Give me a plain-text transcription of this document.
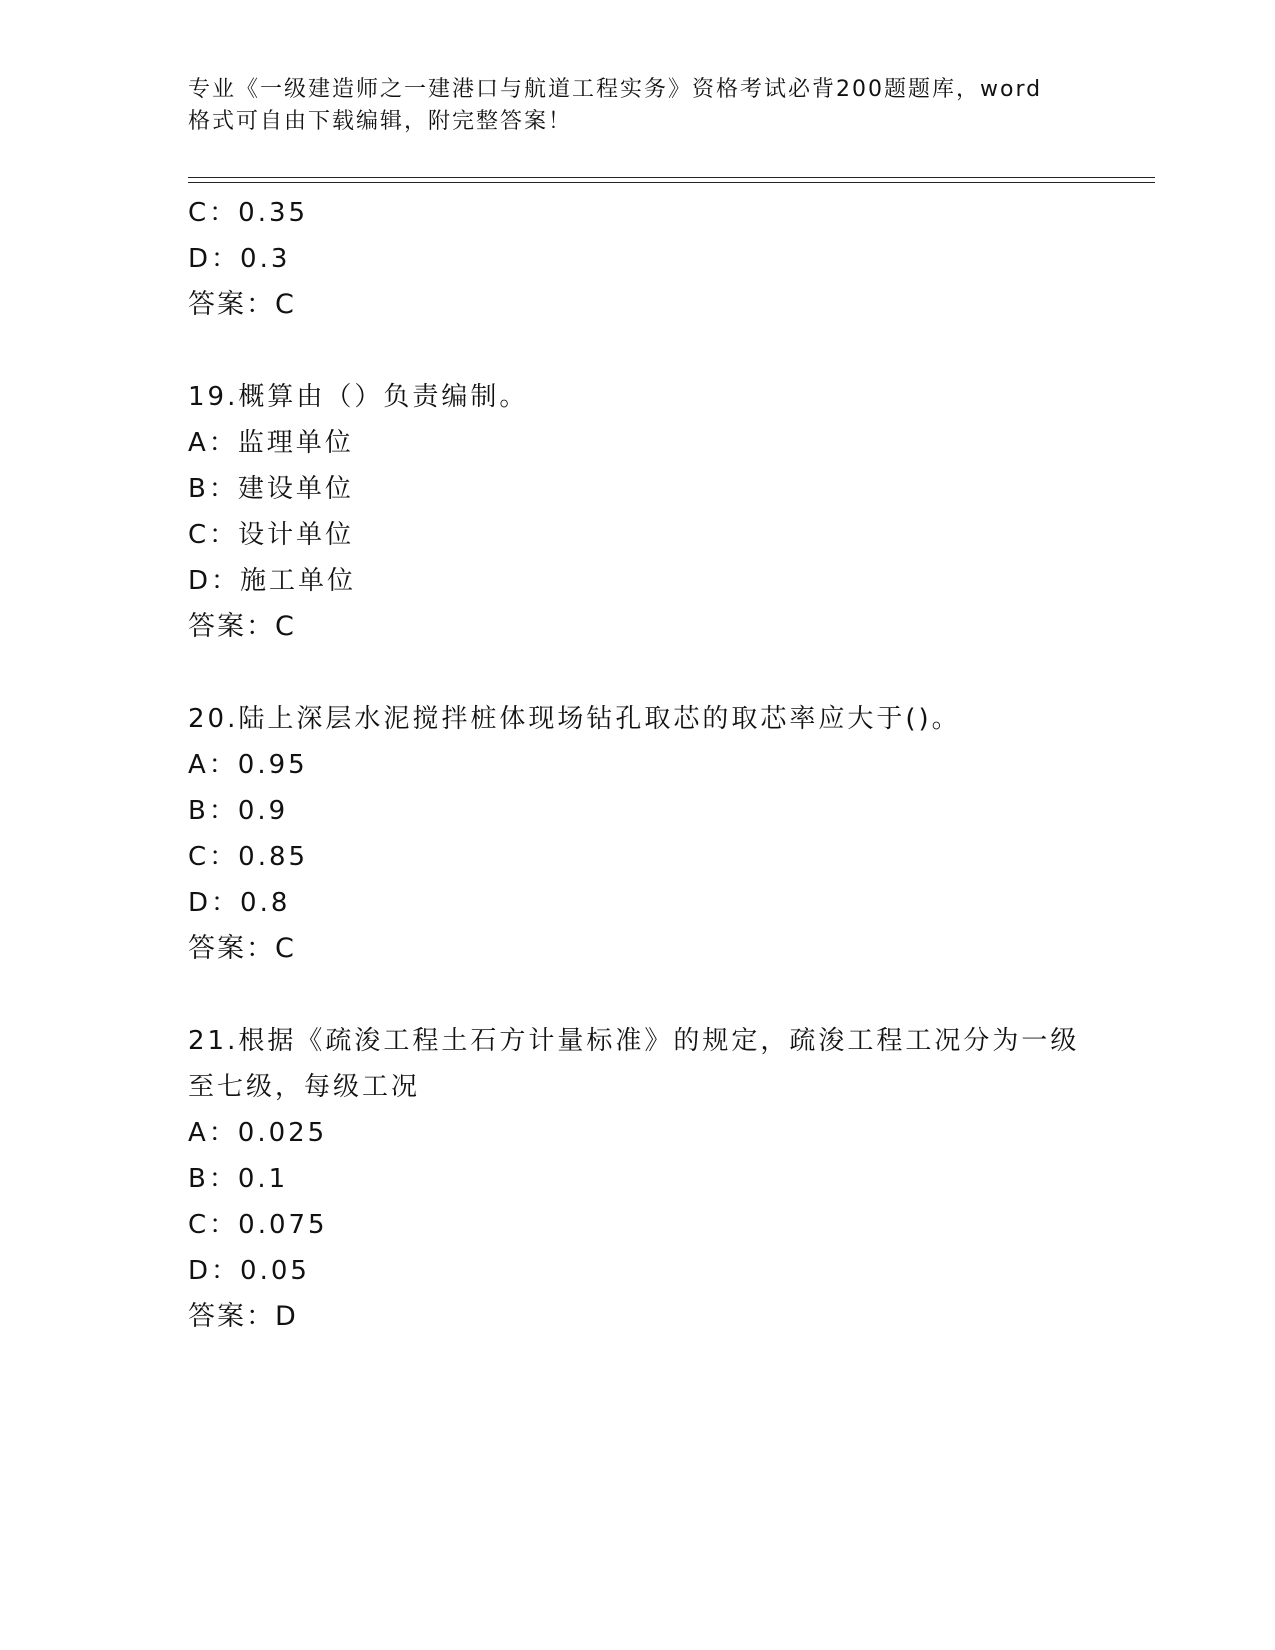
专业《一级建造师之一建港口与航道工程实务》资格考试必背200题题库，word
格式可自由下载编辑，附完整答案！
C：0.35
D：0.3
答案：C
19.概算由（）负责编制。
A：监理单位
B：建设单位
C：设计单位
D：施工单位
答案：C
20.陆上深层水泥搅拌桩体现场钻孔取芯的取芯率应大于()。
A：0.95
B：0.9
C：0.85
D：0.8
答案：C
21.根据《疏浚工程土石方计量标准》的规定，疏浚工程工况分为一级
至七级，每级工况
A：0.025
B：0.1
C：0.075
D：0.05
答案：D
